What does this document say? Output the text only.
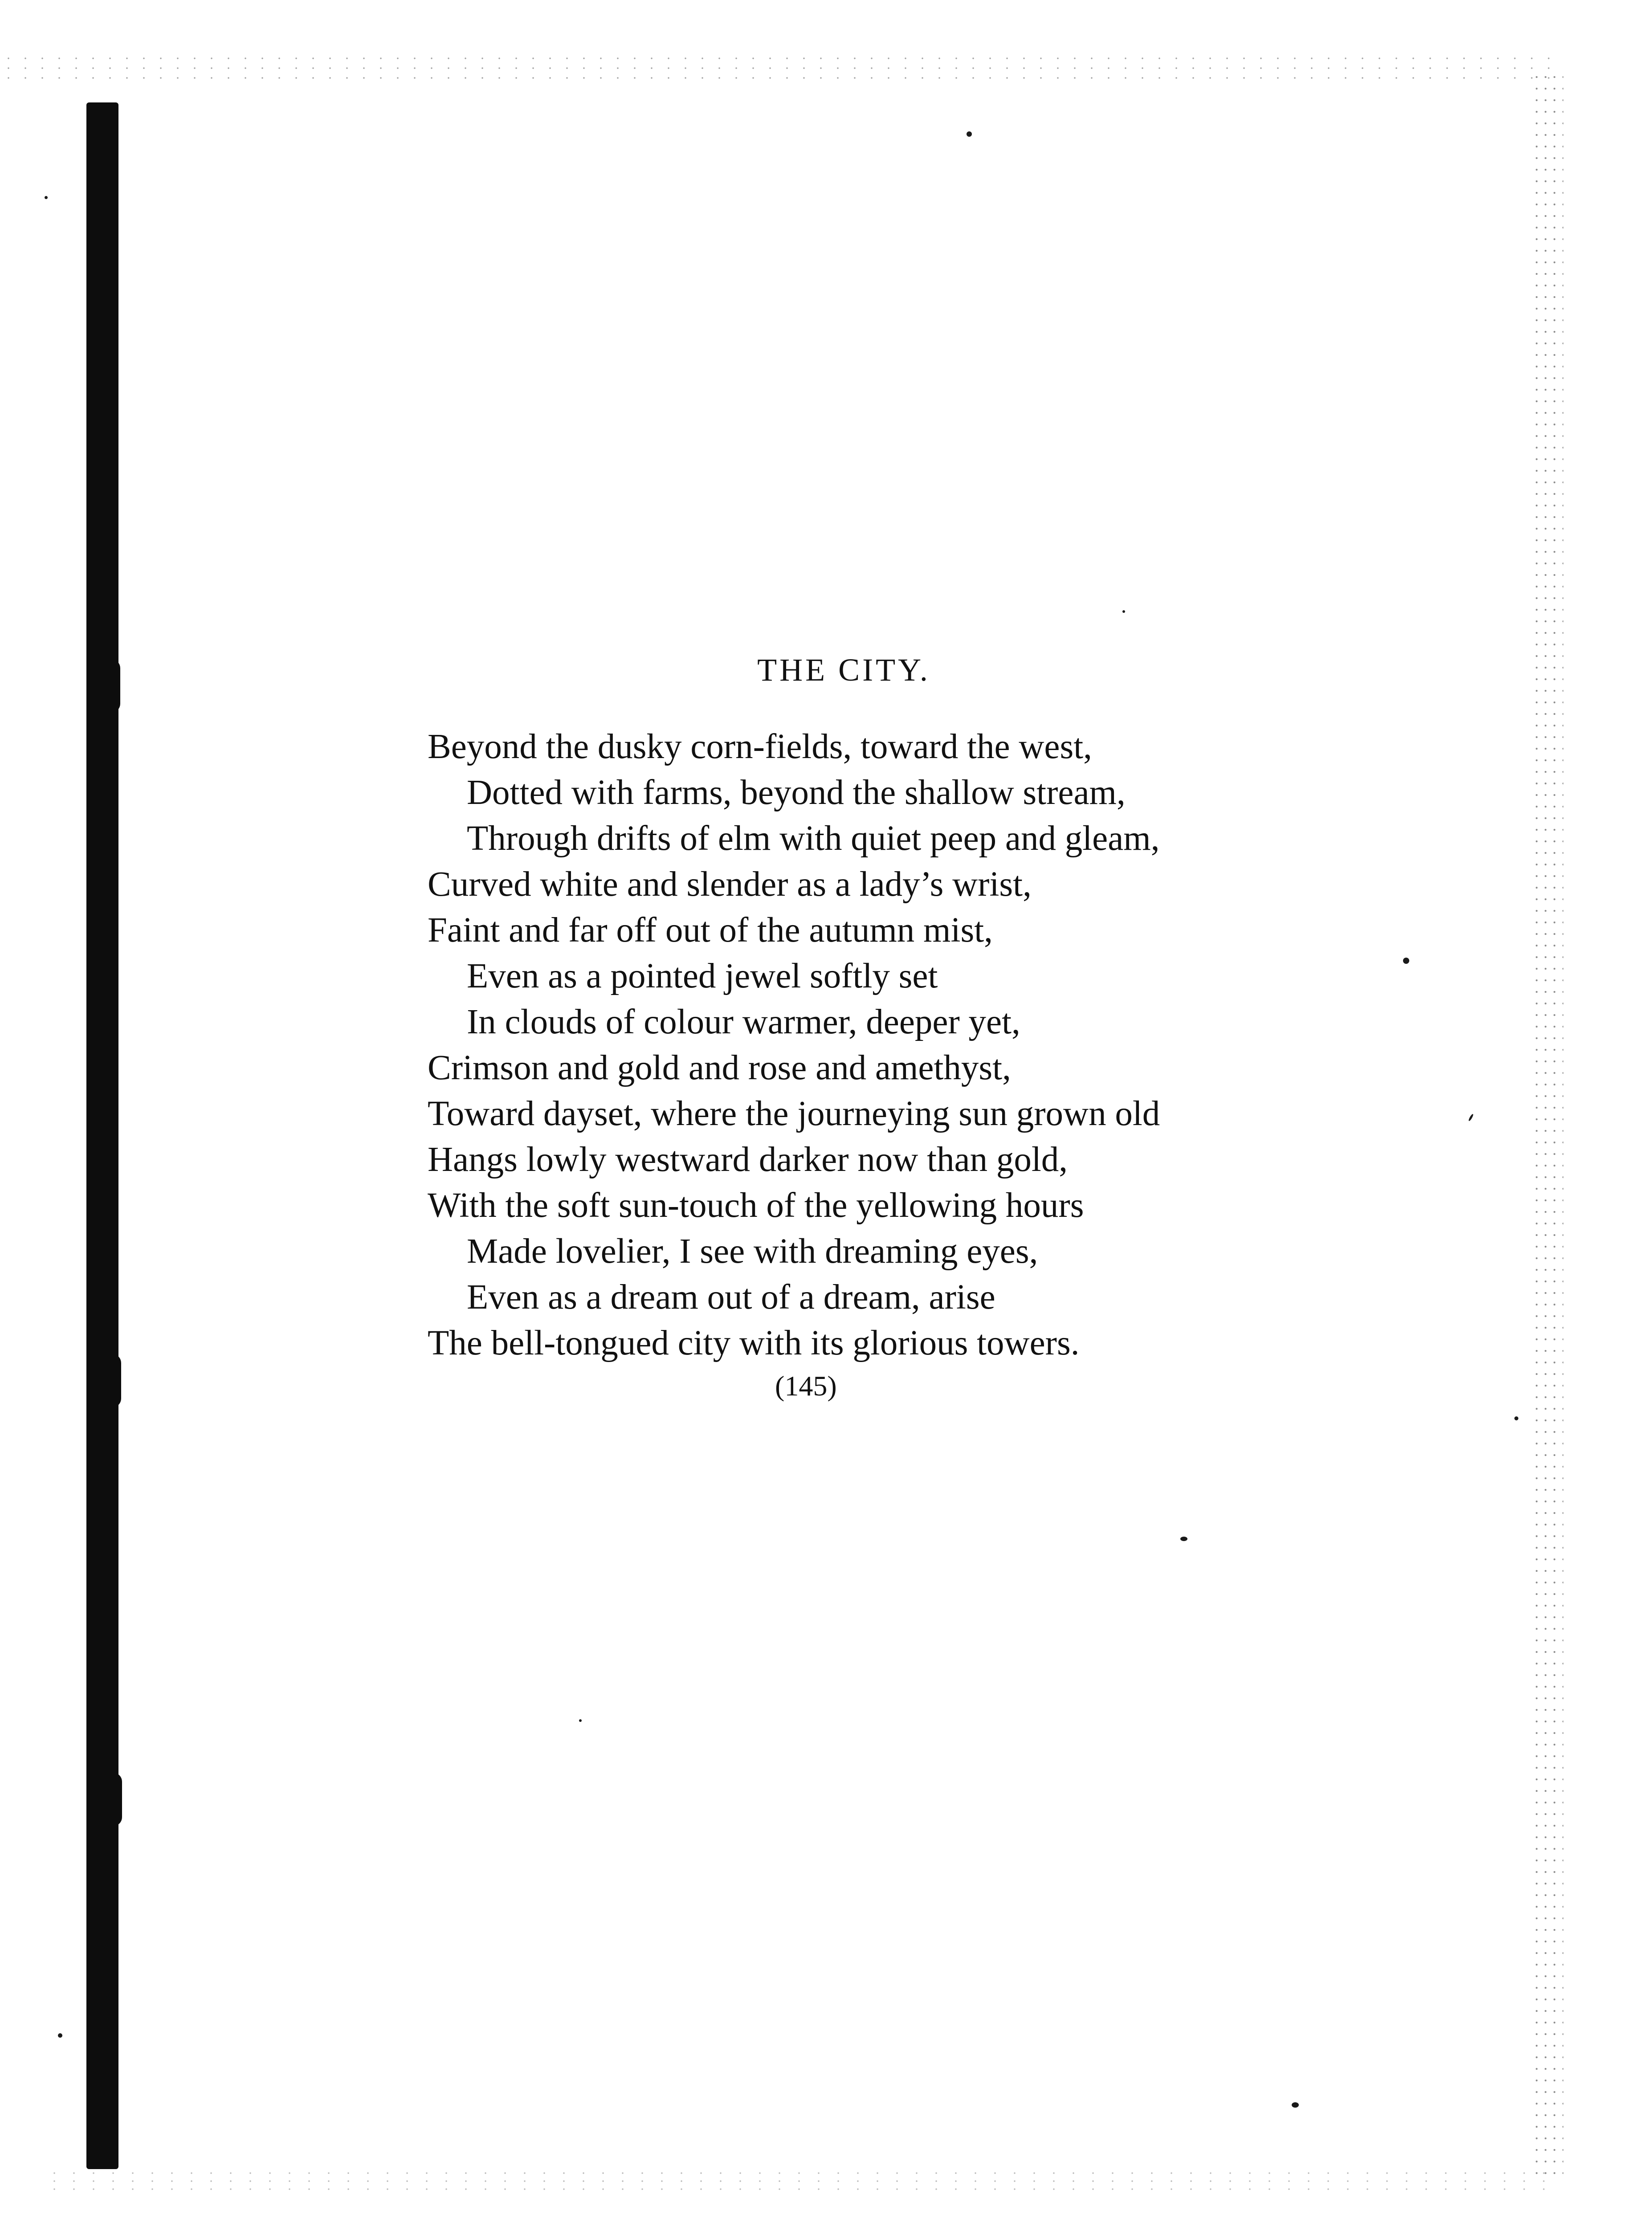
THE CITY.
Beyond the dusky corn-fields, toward the west,
Dotted with farms, beyond the shallow stream,
Through drifts of elm with quiet peep and gleam,
Curved white and slender as a lady’s wrist,
Faint and far off out of the autumn mist,
Even as a pointed jewel softly set
In clouds of colour warmer, deeper yet,
Crimson and gold and rose and amethyst,
Toward dayset, where the journeying sun grown old
Hangs lowly westward darker now than gold,
With the soft sun-touch of the yellowing hours
Made lovelier, I see with dreaming eyes,
Even as a dream out of a dream, arise
The bell-tongued city with its glorious towers.
(145)
